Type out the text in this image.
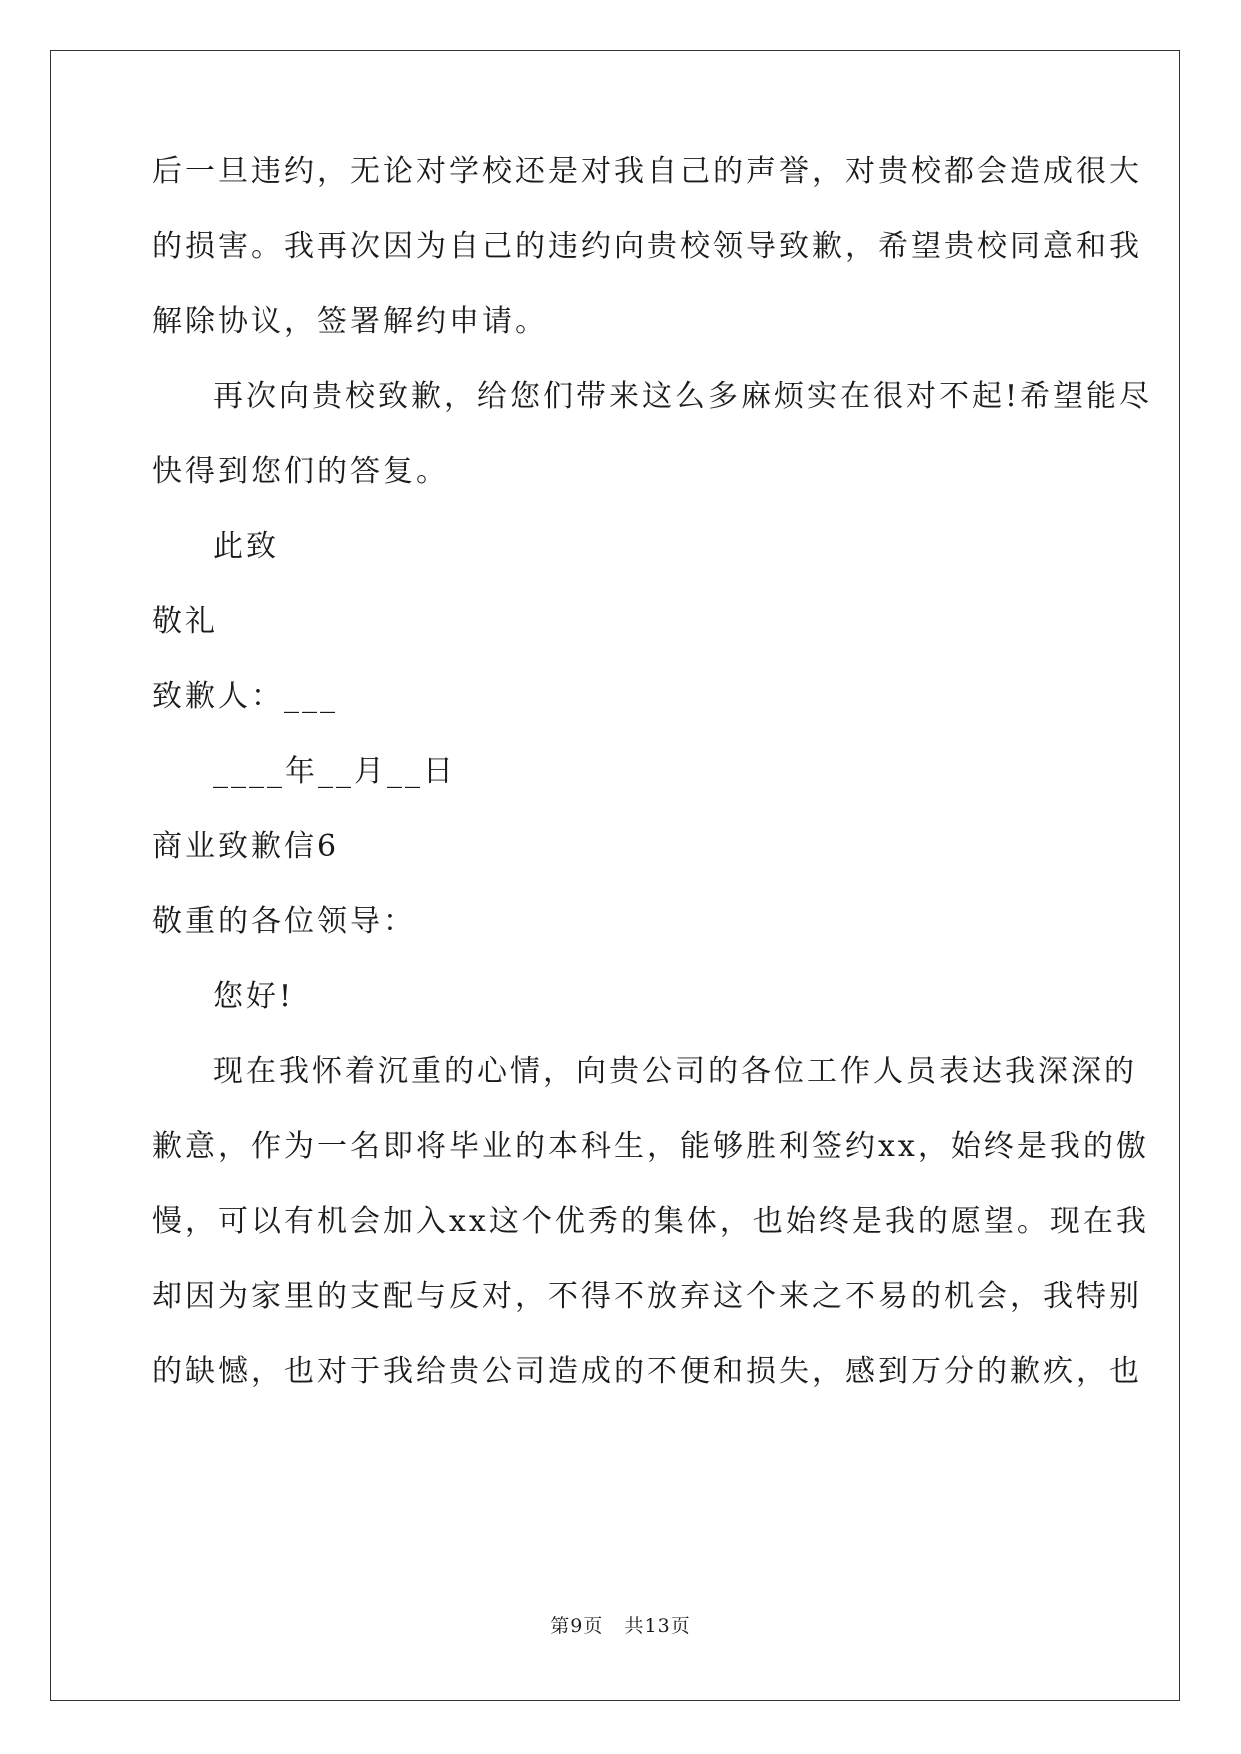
后一旦违约，无论对学校还是对我自己的声誉，对贵校都会造成很大
的损害。我再次因为自己的违约向贵校领导致歉，希望贵校同意和我
解除协议，签署解约申请。
再次向贵校致歉，给您们带来这么多麻烦实在很对不起!希望能尽
快得到您们的答复。
此致
敬礼
致歉人：___
____年__月__日
商业致歉信6
敬重的各位领导：
您好!
现在我怀着沉重的心情，向贵公司的各位工作人员表达我深深的
歉意，作为一名即将毕业的本科生，能够胜利签约xx，始终是我的傲
慢，可以有机会加入xx这个优秀的集体，也始终是我的愿望。现在我
却因为家里的支配与反对，不得不放弃这个来之不易的机会，我特别
的缺憾，也对于我给贵公司造成的不便和损失，感到万分的歉疚，也
第9页 共13页
